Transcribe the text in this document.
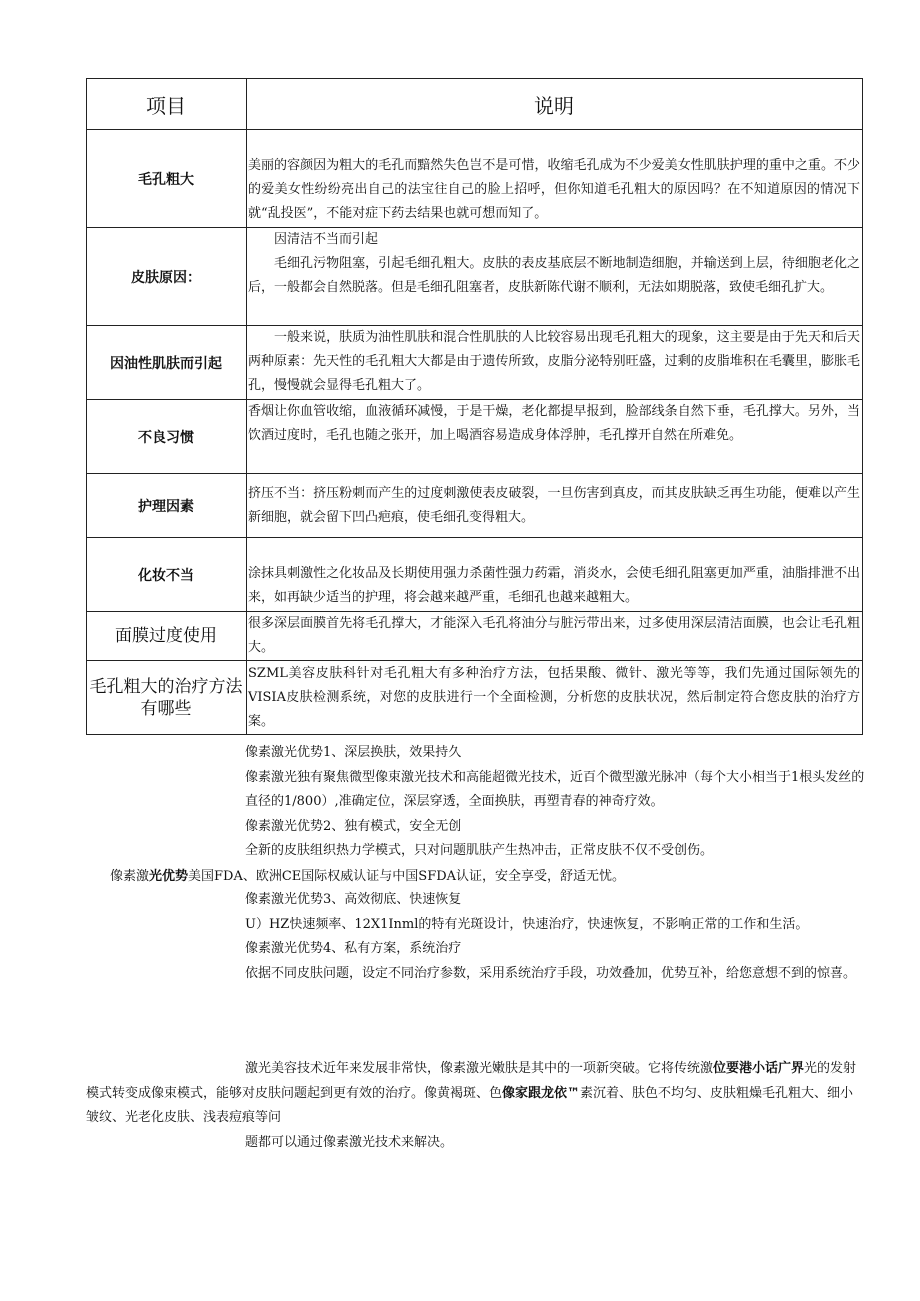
项目	说明
毛孔粗大	美丽的容颜因为粗大的毛孔而黯然失色岂不是可惜，收缩毛孔成为不少爱美女性肌肤护理的重中之重。不少的爱美女性纷纷亮出自己的法宝往自己的脸上招呼，但你知道毛孔粗大的原因吗？在不知道原因的情况下就“乱投医”，不能对症下药去结果也就可想而知了。
皮肤原因：	因清洁不当而引起
毛细孔污物阻塞，引起毛细孔粗大。皮肤的表皮基底层不断地制造细胞，并输送到上层，待细胞老化之后，一般都会自然脱落。但是毛细孔阻塞者，皮肤新陈代谢不顺利，无法如期脱落，致使毛细孔扩大。

因油性肌肤而引起	一般来说，肤质为油性肌肤和混合性肌肤的人比较容易出现毛孔粗大的现象，这主要是由于先天和后天两种原素：先天性的毛孔粗大大都是由于遗传所致，皮脂分泌特别旺盛，过剩的皮脂堆积在毛囊里，膨胀毛孔，慢慢就会显得毛孔粗大了。

不良习惯	香烟让你血管收缩，血液循环减慢，于是干燥，老化都提早报到，脸部线条自然下垂，毛孔撑大。另外，当饮酒过度时，毛孔也随之张开，加上喝酒容易造成身体浮肿，毛孔撑开自然在所难免。
护理因素	挤压不当：挤压粉刺而产生的过度刺激使表皮破裂，一旦伤害到真皮，而其皮肤缺乏再生功能，便难以产生新细胞，就会留下凹凸疤痕，使毛细孔变得粗大。
化妆不当	涂抹具刺激性之化妆品及长期使用强力杀菌性强力药霜，消炎水，会使毛细孔阻塞更加严重，油脂排泄不出来，如再缺少适当的护理，将会越来越严重，毛细孔也越来越粗大。
面膜过度使用	很多深层面膜首先将毛孔撑大，才能深入毛孔将油分与脏污带出来，过多使用深层清洁面膜，也会让毛孔粗大。
毛孔粗大的治疗方法有哪些	SZML美容皮肤科针对毛孔粗大有多种治疗方法，包括果酸、微针、激光等等，我们先通过国际领先的VISIA皮肤检测系统，对您的皮肤进行一个全面检测，分析您的皮肤状况，然后制定符合您皮肤的治疗方案。

像素激光优势1、深层换肤，效果持久

像素激光独有聚焦微型像束激光技术和高能超微光技术，近百个微型激光脉冲（每个大小相当于1根头发丝的直径的1/800）,准确定位，深层穿透，全面换肤，再塑青春的神奇疗效。

像素激光优势2、独有模式，安全无创

全新的皮肤组织热力学模式，只对问题肌肤产生热冲击，正常皮肤不仅不受创伤。

像素激光优势3、高效彻底、快速恢复

U）HZ快速频率、12X1Inml的特有光斑设计，快速治疗，快速恢复，不影响正常的工作和生活。

像素激光优势4、私有方案，系统治疗

依据不同皮肤问题，设定不同治疗参数，采用系统治疗手段，功效叠加，优势互补，给您意想不到的惊喜。

像素激光优势美国FDA、欧洲CE国际权威认证与中国SFDA认证，安全享受，舒适无忧。

激光美容技术近年来发展非常快，像素激光嫩肤是其中的一项新突破。它将传统激位要港小话广界光的发射模式转变成像束模式，能够对皮肤问题起到更有效的治疗。像黄褐斑、色像家跟龙依™素沉着、肤色不均匀、皮肤粗燥毛孔粗大、细小皱纹、光老化皮肤、浅表痘痕等问

题都可以通过像素激光技术来解决。
